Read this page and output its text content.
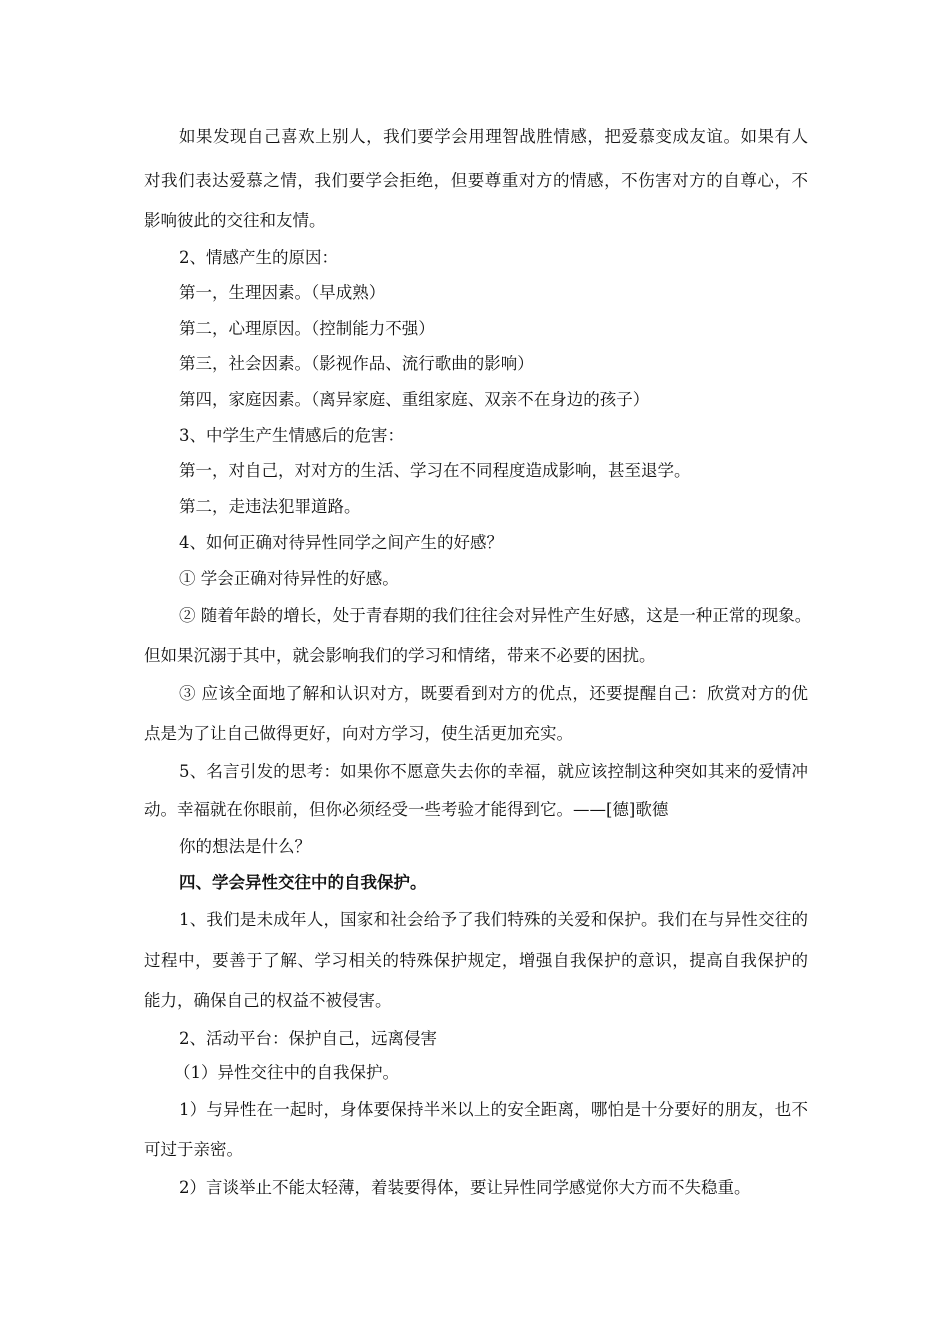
如果发现自己喜欢上别人，我们要学会用理智战胜情感，把爱慕变成友谊。如果有人

对我们表达爱慕之情，我们要学会拒绝，但要尊重对方的情感，不伤害对方的自尊心，不

影响彼此的交往和友情。

2、情感产生的原因：

第一，生理因素。（早成熟）

第二，心理原因。（控制能力不强）

第三，社会因素。（影视作品、流行歌曲的影响）

第四，家庭因素。（离异家庭、重组家庭、双亲不在身边的孩子）

3、中学生产生情感后的危害：

第一，对自己，对对方的生活、学习在不同程度造成影响，甚至退学。

第二，走违法犯罪道路。

4、如何正确对待异性同学之间产生的好感？

① 学会正确对待异性的好感。

② 随着年龄的增长，处于青春期的我们往往会对异性产生好感，这是一种正常的现象。

但如果沉溺于其中，就会影响我们的学习和情绪，带来不必要的困扰。

③ 应该全面地了解和认识对方，既要看到对方的优点，还要提醒自己：欣赏对方的优

点是为了让自己做得更好，向对方学习，使生活更加充实。

5、名言引发的思考：如果你不愿意失去你的幸福，就应该控制这种突如其来的爱情冲

动。幸福就在你眼前，但你必须经受一些考验才能得到它。——[德]歌德

你的想法是什么？

四、学会异性交往中的自我保护。

1、我们是未成年人，国家和社会给予了我们特殊的关爱和保护。我们在与异性交往的

过程中，要善于了解、学习相关的特殊保护规定，增强自我保护的意识，提高自我保护的

能力，确保自己的权益不被侵害。

2、活动平台：保护自己，远离侵害

（1）异性交往中的自我保护。

1）与异性在一起时，身体要保持半米以上的安全距离，哪怕是十分要好的朋友，也不

可过于亲密。

2）言谈举止不能太轻薄，着装要得体，要让异性同学感觉你大方而不失稳重。
